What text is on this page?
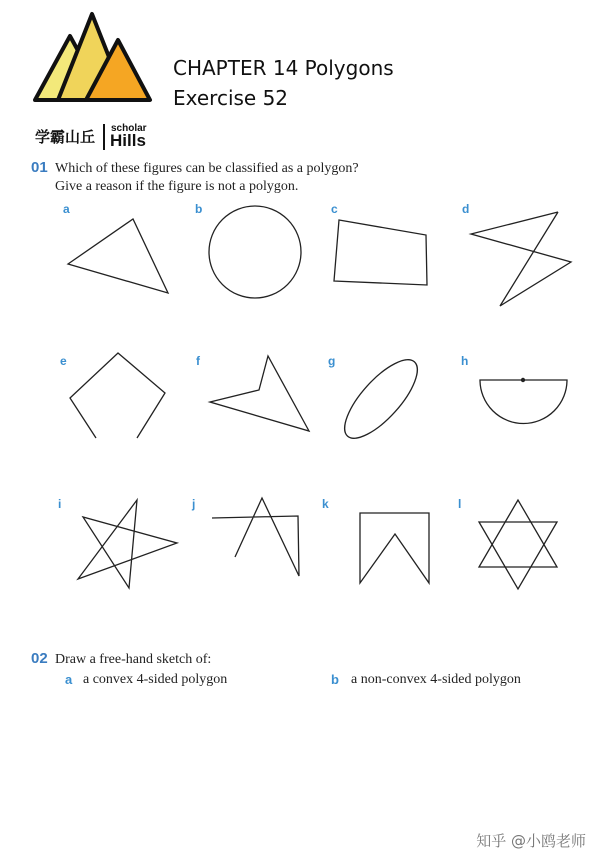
学霸山丘 scholar
Hills
CHAPTER 14 Polygons
Exercise 52
01 Which of these figures can be classified as a polygon?
Give a reason if the figure is not a polygon.
a	b	c	d
e	f	g	h
i	j	k	l
02 Draw a free-hand sketch of:
a a convex 4-sided polygon	b a non-convex 4-sided polygon
知乎 @小鸥老师
